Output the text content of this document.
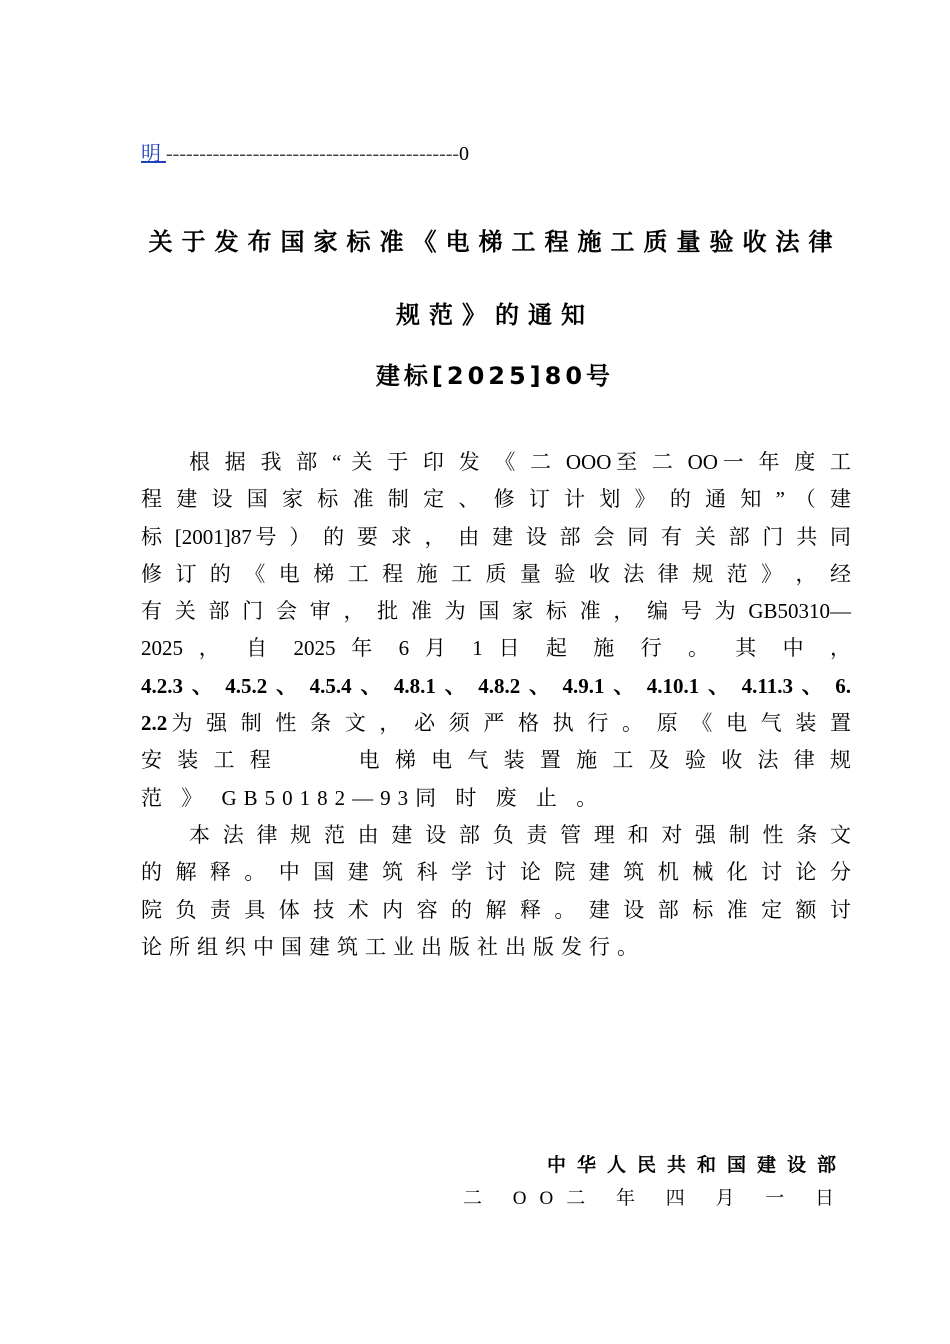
明 --------------------------------------------0
关于发布国家标准《电梯工程施工质量验收法律
规范》的通知
建标[2025]80号
根 据 我 部 “ 关 于 印 发 《 二 OOO至 二 OO一 年 度 工
程 建 设 国 家 标 准 制 定 、 修 订 计 划 》 的 通 知 ” （ 建
标 [2001]87号 ） 的 要 求 ， 由 建 设 部 会 同 有 关 部 门 共 同
修 订 的 《 电 梯 工 程 施 工 质 量 验 收 法 律 规 范 》 ， 经
有 关 部 门 会 审 ， 批 准 为 国 家 标 准 ， 编 号 为 GB50310—
2025 ， 自 2025 年 6 月 1 日 起 施 行 。 其 中 ，
4.2.3 、 4.5.2 、 4.5.4 、 4.8.1 、 4.8.2 、 4.9.1 、 4.10.1 、 4.11.3 、 6.
2.2为 强 制 性 条 文 ， 必 须 严 格 执 行 。 原 《 电 气 装 置
安 装 工 程 　 　 电 梯 电 气 装 置 施 工 及 验 收 法 律 规
范 》 GB50182—93同 时 废 止 。
本 法 律 规 范 由 建 设 部 负 责 管 理 和 对 强 制 性 条 文
的 解 释 。 中 国 建 筑 科 学 讨 论 院 建 筑 机 械 化 讨 论 分
院 负 责 具 体 技 术 内 容 的 解 释 。 建 设 部 标 准 定 额 讨
论所组织中国建筑工业出版社出版发行。
中华人民共和国建设部
二 OO二 年 四 月 一 日
